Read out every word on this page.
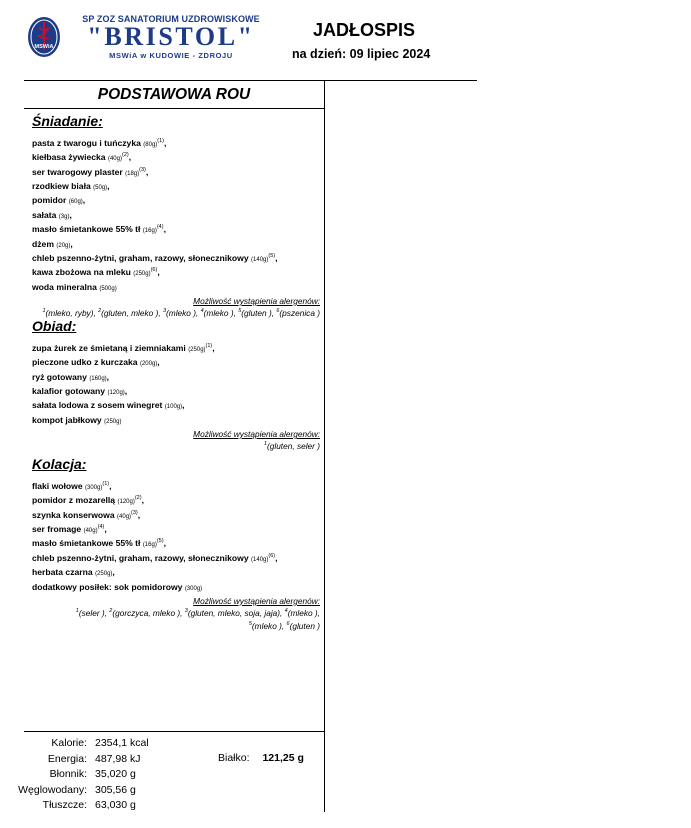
MSWiA
SP ZOZ SANATORIUM UZDROWISKOWE
"BRISTOL"
MSWiA w KUDOWIE - ZDROJU
JADŁOSPIS
na dzień: 09 lipiec 2024
PODSTAWOWA ROU
Śniadanie:
pasta z twarogu i tuńczyka $(80g)^{(1)}$,
kiełbasa żywiecka $(40g)^{(2)}$,
ser twarogowy plaster $(18g)^{(3)}$,
rzodkiew biała (50g),
pomidor (60g),
sałata (3g),
masło śmietankowe 55% tł $(16g)^{(4)}$,
dżem (20g),
chleb pszenno-żytni, graham, razowy, słonecznikowy $(140g)^{(5)}$,
kawa zbożowa na mleku $(250g)^{(6)}$,
woda mineralna (500g)
Możliwość wystąpienia alergenów:
$^1$(mleko, ryby), $^2$(gluten, mleko ), $^3$(mleko ), $^4$(mleko ), $^5$(gluten ), $^6$(pszenica )
Obiad:
zupa żurek ze śmietaną i ziemniakami $(250g)^{(1)}$,
pieczone udko z kurczaka (200g),
ryż gotowany (160g),
kalafior gotowany (120g),
sałata lodowa z sosem winegret (100g),
kompot jabłkowy (250g)
Możliwość wystąpienia alergenów:
$^1$(gluten, seler )
Kolacja:
flaki wołowe $(300g)^{(1)}$,
pomidor z mozarellą $(120g)^{(2)}$,
szynka konserwowa $(40g)^{(3)}$,
ser fromage $(40g)^{(4)}$,
masło śmietankowe 55% tł $(16g)^{(5)}$,
chleb pszenno-żytni, graham, razowy, słonecznikowy $(140g)^{(6)}$,
herbata czarna (250g),
dodatkowy posiłek: sok pomidorowy (300g)
Możliwość wystąpienia alergenów:
$^1$(seler ), $^2$(gorczyca, mleko ), $^3$(gluten, mleko, soja, jaja), $^4$(mleko ), $^5$(mleko ), $^6$(gluten )
Kalorie: 2354,1 kcal
Energia: 487,98 kJ
Błonnik: 35,020 g
Węglowodany: 305,56 g
Tłuszcze: 63,030 g
Białko: 121,25 g
